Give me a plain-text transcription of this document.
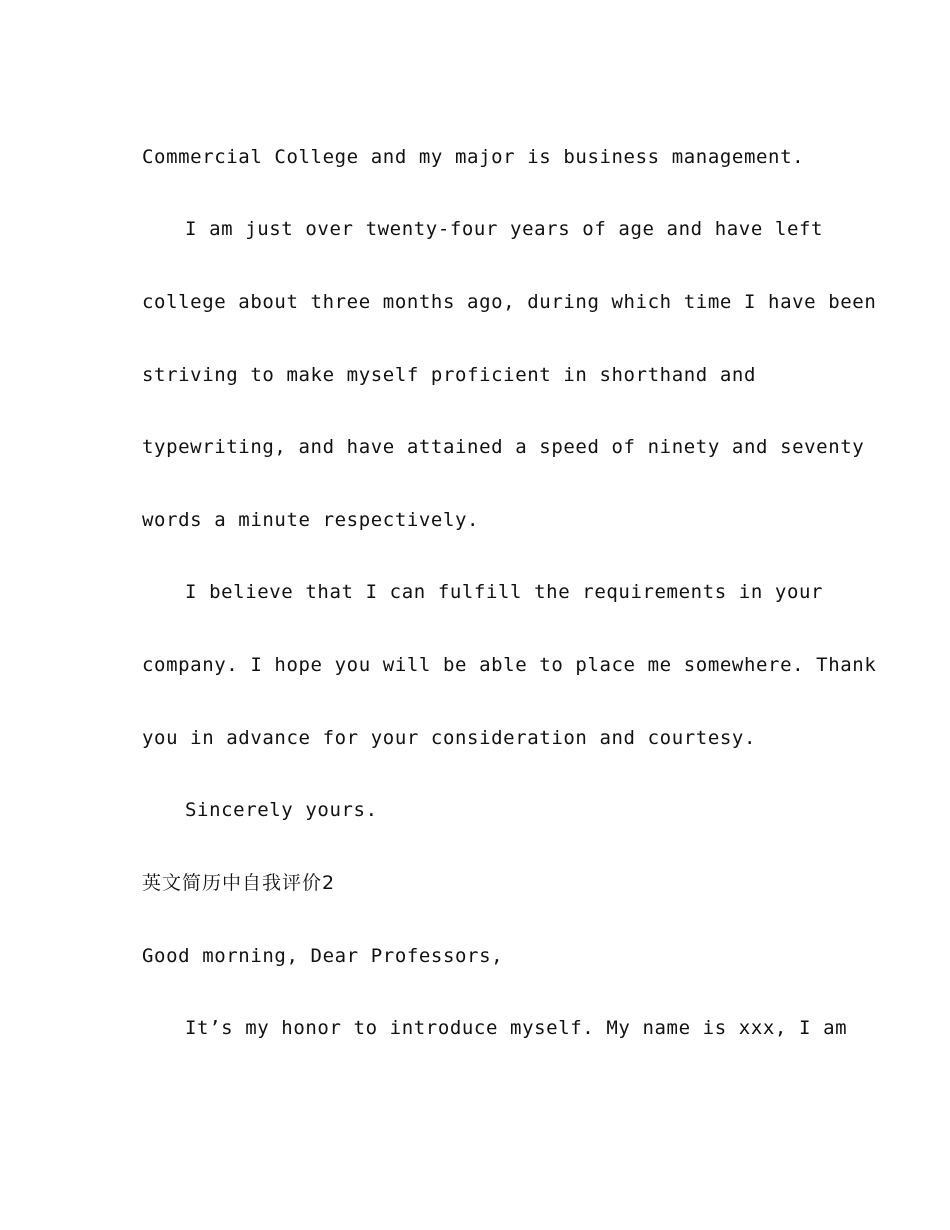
Commercial College and my major is business management.
I am just over twenty-four years of age and have left
college about three months ago, during which time I have been
striving to make myself proficient in shorthand and
typewriting, and have attained a speed of ninety and seventy
words a minute respectively.
I believe that I can fulfill the requirements in your
company. I hope you will be able to place me somewhere. Thank
you in advance for your consideration and courtesy.
Sincerely yours.
英文简历中自我评价2
Good morning, Dear Professors,
It’s my honor to introduce myself. My name is xxx, I am
